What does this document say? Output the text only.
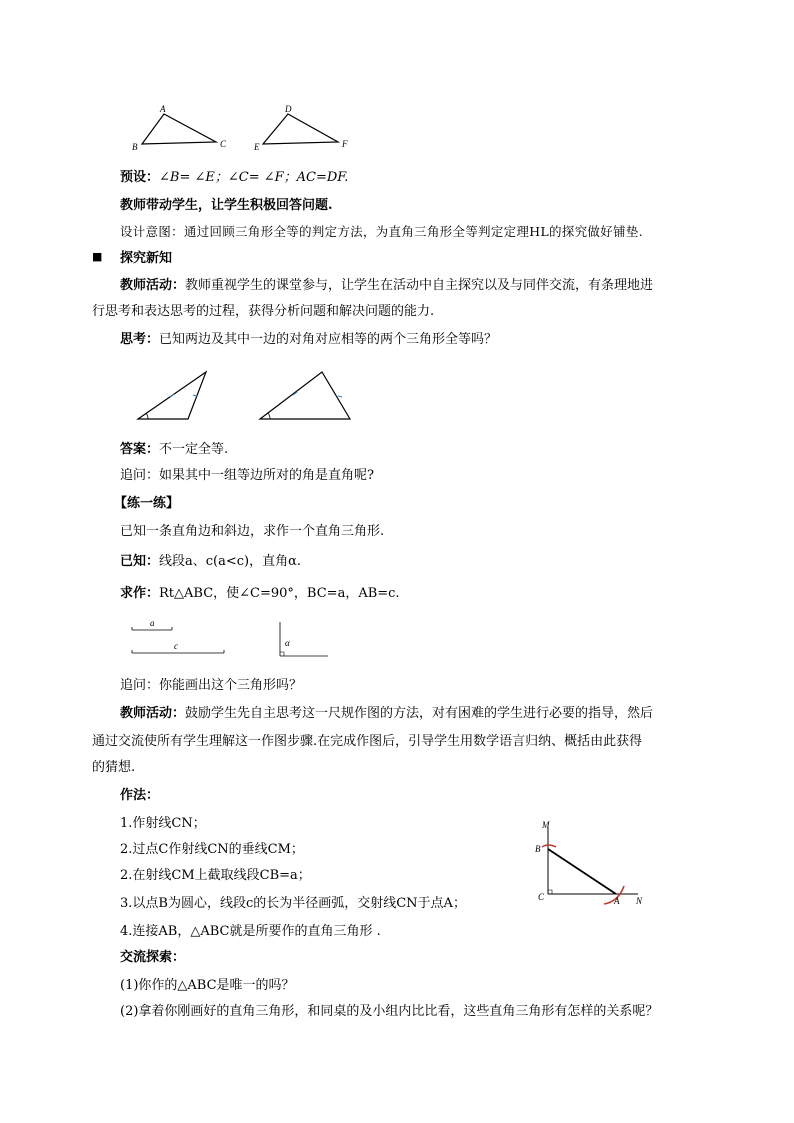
A
B	C
D
E	F
预设：∠B= ∠E；∠C= ∠F；AC=DF.
教师带动学生，让学生积极回答问题.
设计意图：通过回顾三角形全等的判定方法，为直角三角形全等判定定理HL的探究做好铺垫.
■ 探究新知
教师活动：教师重视学生的课堂参与，让学生在活动中自主探究以及与同伴交流，有条理地进
行思考和表达思考的过程，获得分析问题和解决问题的能力.
思考：已知两边及其中一边的对角对应相等的两个三角形全等吗？
答案：不一定全等.
追问：如果其中一组等边所对的角是直角呢?
【练一练】
已知一条直角边和斜边，求作一个直角三角形.
已知：线段a、c(a<c)，直角α.
求作：Rt△ABC，使∠C=90°，BC=a，AB=c.
a
c	α
追问：你能画出这个三角形吗？
教师活动：鼓励学生先自主思考这一尺规作图的方法，对有困难的学生进行必要的指导，然后
通过交流使所有学生理解这一作图步骤.在完成作图后，引导学生用数学语言归纳、概括由此获得
的猜想.
作法：
1.作射线CN；
2.过点C作射线CN的垂线CM；
2.在射线CM上截取线段CB=a；
3.以点B为圆心，线段c的长为半径画弧，交射线CN于点A；
4.连接AB，△ABC就是所要作的直角三角形 .
M
B
C	A N
交流探索：
(1)你作的△ABC是唯一的吗？
(2)拿着你刚画好的直角三角形，和同桌的及小组内比比看，这些直角三角形有怎样的关系呢？
